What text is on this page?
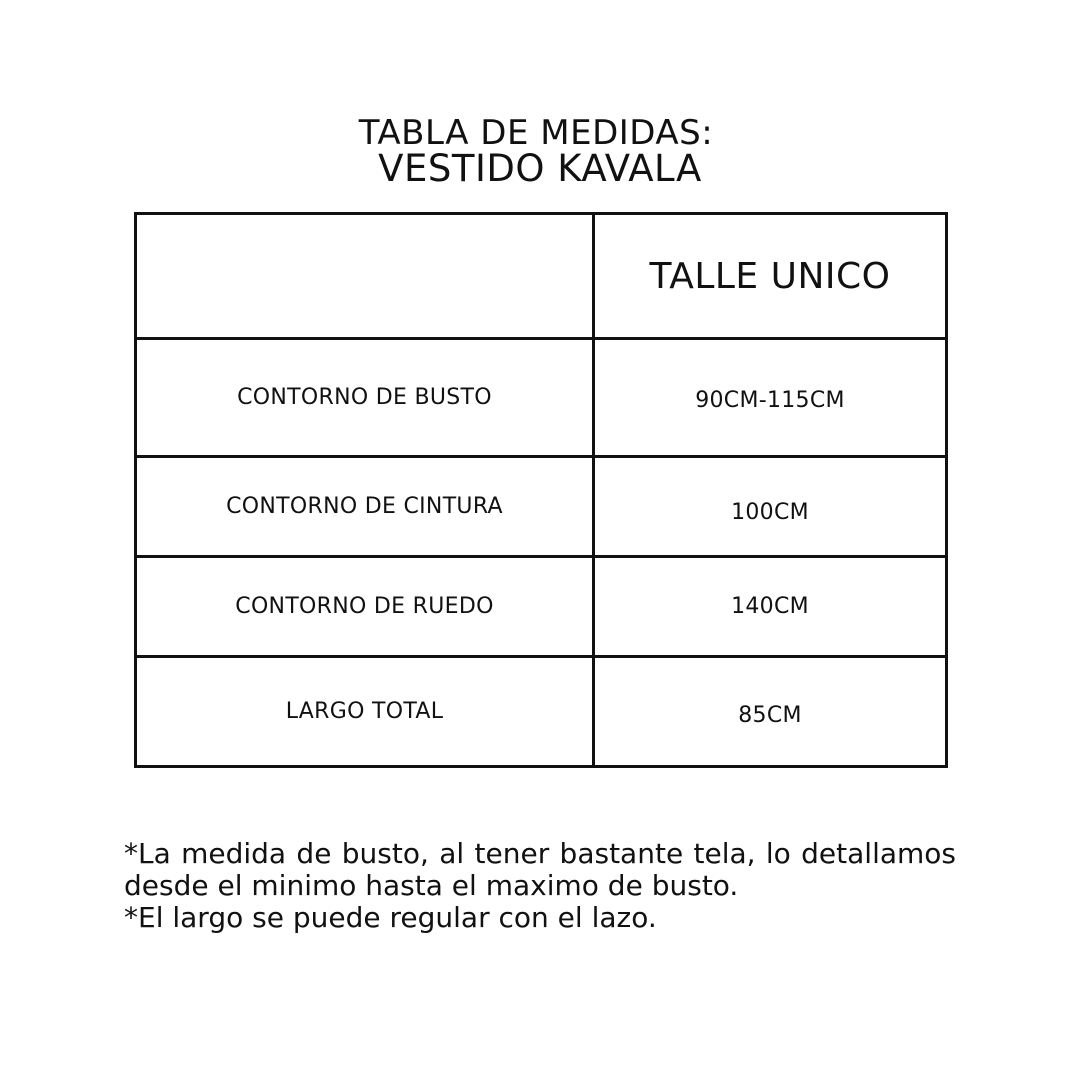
TABLA DE MEDIDAS:
VESTIDO KAVALA
	TALLE UNICO
CONTORNO DE BUSTO	90CM-115CM
CONTORNO DE CINTURA	100CM
CONTORNO DE RUEDO	140CM
LARGO TOTAL	85CM

*La medida de busto, al tener bastante tela, lo detallamos desde el minimo hasta el maximo de busto.

*El largo se puede regular con el lazo.
